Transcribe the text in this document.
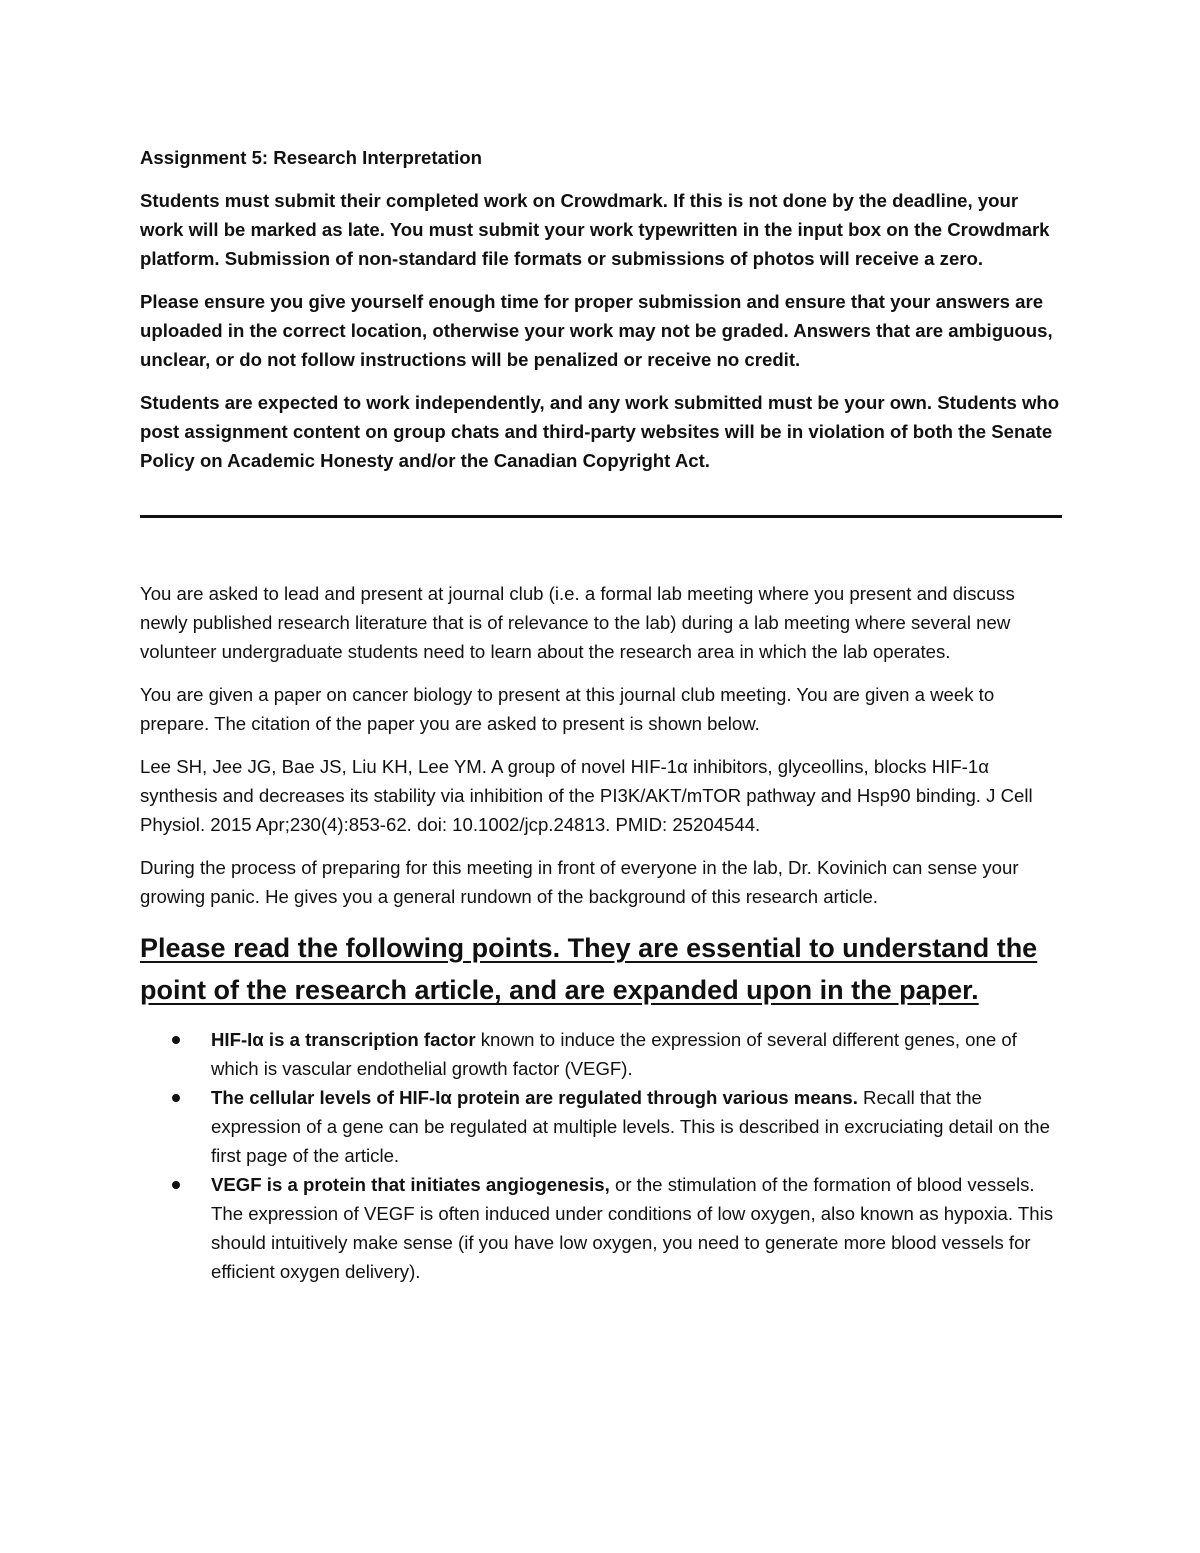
Assignment 5: Research Interpretation

Students must submit their completed work on Crowdmark. If this is not done by the deadline, your work will be marked as late. You must submit your work typewritten in the input box on the Crowdmark platform. Submission of non-standard file formats or submissions of photos will receive a zero.

Please ensure you give yourself enough time for proper submission and ensure that your answers are uploaded in the correct location, otherwise your work may not be graded. Answers that are ambiguous, unclear, or do not follow instructions will be penalized or receive no credit.

Students are expected to work independently, and any work submitted must be your own. Students who post assignment content on group chats and third-party websites will be in violation of both the Senate Policy on Academic Honesty and/or the Canadian Copyright Act.

You are asked to lead and present at journal club (i.e. a formal lab meeting where you present and discuss newly published research literature that is of relevance to the lab) during a lab meeting where several new volunteer undergraduate students need to learn about the research area in which the lab operates.

You are given a paper on cancer biology to present at this journal club meeting. You are given a week to prepare. The citation of the paper you are asked to present is shown below.

Lee SH, Jee JG, Bae JS, Liu KH, Lee YM. A group of novel HIF-1α inhibitors, glyceollins, blocks HIF-1α synthesis and decreases its stability via inhibition of the PI3K/AKT/mTOR pathway and Hsp90 binding. J Cell Physiol. 2015 Apr;230(4):853-62. doi: 10.1002/jcp.24813. PMID: 25204544.

During the process of preparing for this meeting in front of everyone in the lab, Dr. Kovinich can sense your growing panic. He gives you a general rundown of the background of this research article.

Please read the following points. They are essential to understand the point of the research article, and are expanded upon in the paper.

HIF-Iα is a transcription factor known to induce the expression of several different genes, one of which is vascular endothelial growth factor (VEGF).
The cellular levels of HIF-Iα protein are regulated through various means. Recall that the expression of a gene can be regulated at multiple levels. This is described in excruciating detail on the first page of the article.
VEGF is a protein that initiates angiogenesis, or the stimulation of the formation of blood vessels. The expression of VEGF is often induced under conditions of low oxygen, also known as hypoxia. This should intuitively make sense (if you have low oxygen, you need to generate more blood vessels for efficient oxygen delivery).
